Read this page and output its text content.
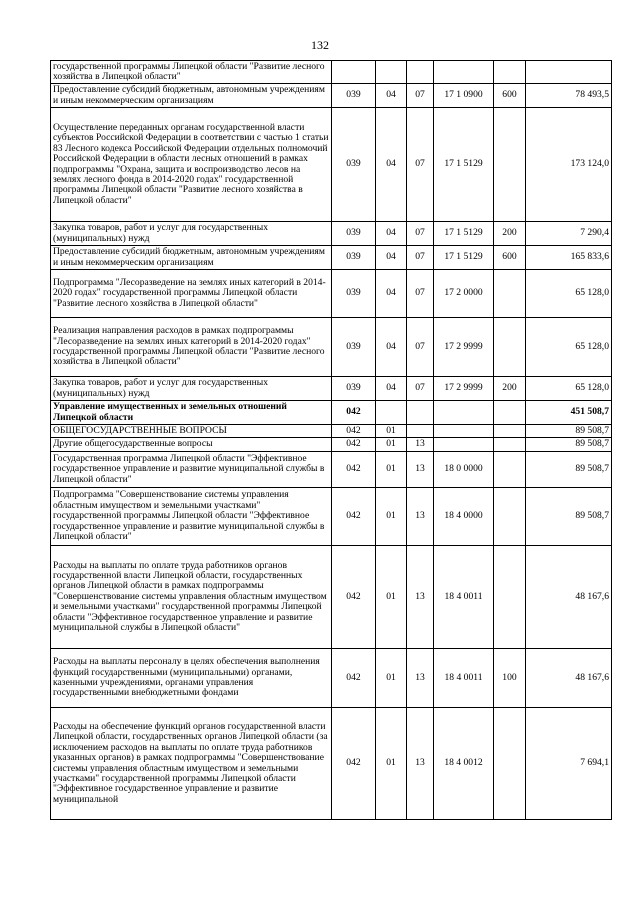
132
государственной программы Липецкой области "Развитие лесного хозяйства в Липецкой области"						
Предоставление субсидий бюджетным, автономным учреждениям и иным некоммерческим организациям	039	04	07	17 1 0900	600	78 493,5
Осуществление переданных органам государственной власти субъектов Российской Федерации в соответствии с частью 1 статьи 83 Лесного кодекса Российской Федерации отдельных полномочий Российской Федерации в области лесных отношений в рамках подпрограммы "Охрана, защита и воспроизводство лесов на землях лесного фонда в 2014-2020 годах" государственной программы Липецкой области "Развитие лесного хозяйства в Липецкой области"	039	04	07	17 1 5129		173 124,0
Закупка товаров, работ и услуг для государственных (муниципальных) нужд	039	04	07	17 1 5129	200	7 290,4
Предоставление субсидий бюджетным, автономным учреждениям и иным некоммерческим организациям	039	04	07	17 1 5129	600	165 833,6
Подпрограмма "Лесоразведение на землях иных категорий в 2014-2020 годах" государственной программы Липецкой области "Развитие лесного хозяйства в Липецкой области"	039	04	07	17 2 0000		65 128,0
Реализация направления расходов в рамках подпрограммы "Лесоразведение на землях иных категорий в 2014-2020 годах" государственной программы Липецкой области "Развитие лесного хозяйства в Липецкой области"	039	04	07	17 2 9999		65 128,0
Закупка товаров, работ и услуг для государственных (муниципальных) нужд	039	04	07	17 2 9999	200	65 128,0
Управление имущественных и земельных отношений Липецкой области	042					451 508,7
ОБЩЕГОСУДАРСТВЕННЫЕ ВОПРОСЫ	042	01				89 508,7
Другие общегосударственные вопросы	042	01	13			89 508,7
Государственная программа Липецкой области "Эффективное государственное управление и развитие муниципальной службы в Липецкой области"	042	01	13	18 0 0000		89 508,7
Подпрограмма "Совершенствование системы управления областным имуществом и земельными участками" государственной программы Липецкой области "Эффективное государственное управление и развитие муниципальной службы в Липецкой области"	042	01	13	18 4 0000		89 508,7
Расходы на выплаты по оплате труда работников органов государственной власти Липецкой области, государственных органов Липецкой области в рамках подпрограммы "Совершенствование системы управления областным имуществом и земельными участками" государственной программы Липецкой области "Эффективное государственное управление и развитие муниципальной службы в Липецкой области"	042	01	13	18 4 0011		48 167,6
Расходы на выплаты персоналу в целях обеспечения выполнения функций государственными (муниципальными) органами, казенными учреждениями, органами управления государственными внебюджетными фондами	042	01	13	18 4 0011	100	48 167,6
Расходы на обеспечение функций органов государственной власти Липецкой области, государственных органов Липецкой области (за исключением расходов на выплаты по оплате труда работников указанных органов) в рамках подпрограммы "Совершенствование системы управления областным имуществом и земельными участками" государственной программы Липецкой области "Эффективное государственное управление и развитие муниципальной	042	01	13	18 4 0012		7 694,1
